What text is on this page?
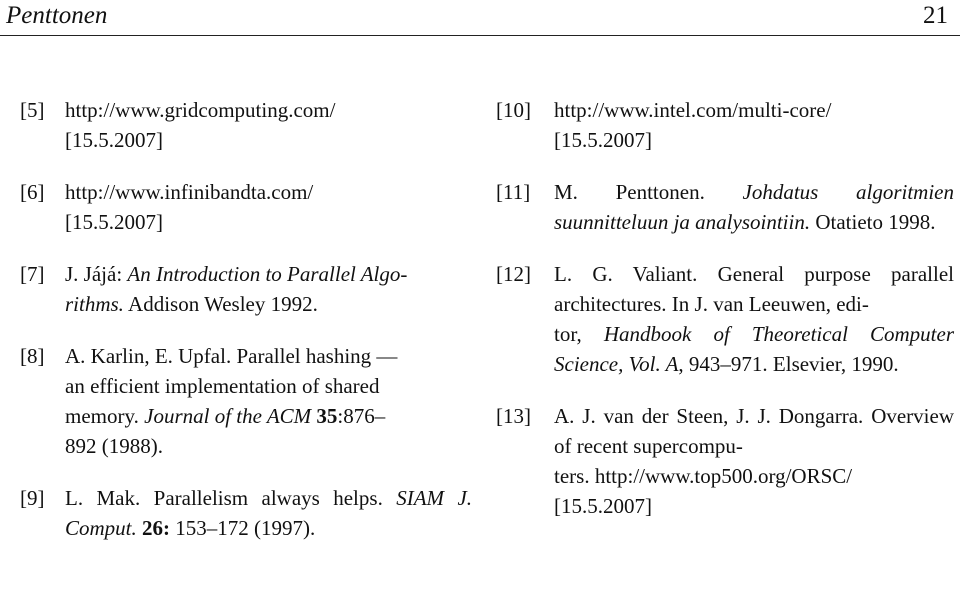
Penttonen	21
[5] http://www.gridcomputing.com/
[15.5.2007]
[6] http://www.infinibandta.com/
[15.5.2007]
[7] J. Jájá: An Introduction to Parallel Algo-
rithms. Addison Wesley 1992.
[8] A. Karlin, E. Upfal. Parallel hashing —
an efficient implementation of shared
memory. Journal of the ACM 35:876–
892 (1988).
[9] L. Mak. Parallelism always helps. SIAM J. Comput. 26: 153–172 (1997).
[10]	http://www.intel.com/multi-core/
[15.5.2007]
[11]	M. Penttonen. Johdatus algoritmien suunnitteluun ja analysointiin. Otatieto 1998.
[12]	L. G. Valiant. General purpose parallel architectures. In J. van Leeuwen, edi-
tor, Handbook of Theoretical Computer Science, Vol. A, 943–971. Elsevier, 1990.
[13]	A. J. van der Steen, J. J. Dongarra. Overview of recent supercompu-
ters. http://www.top500.org/ORSC/
[15.5.2007]
